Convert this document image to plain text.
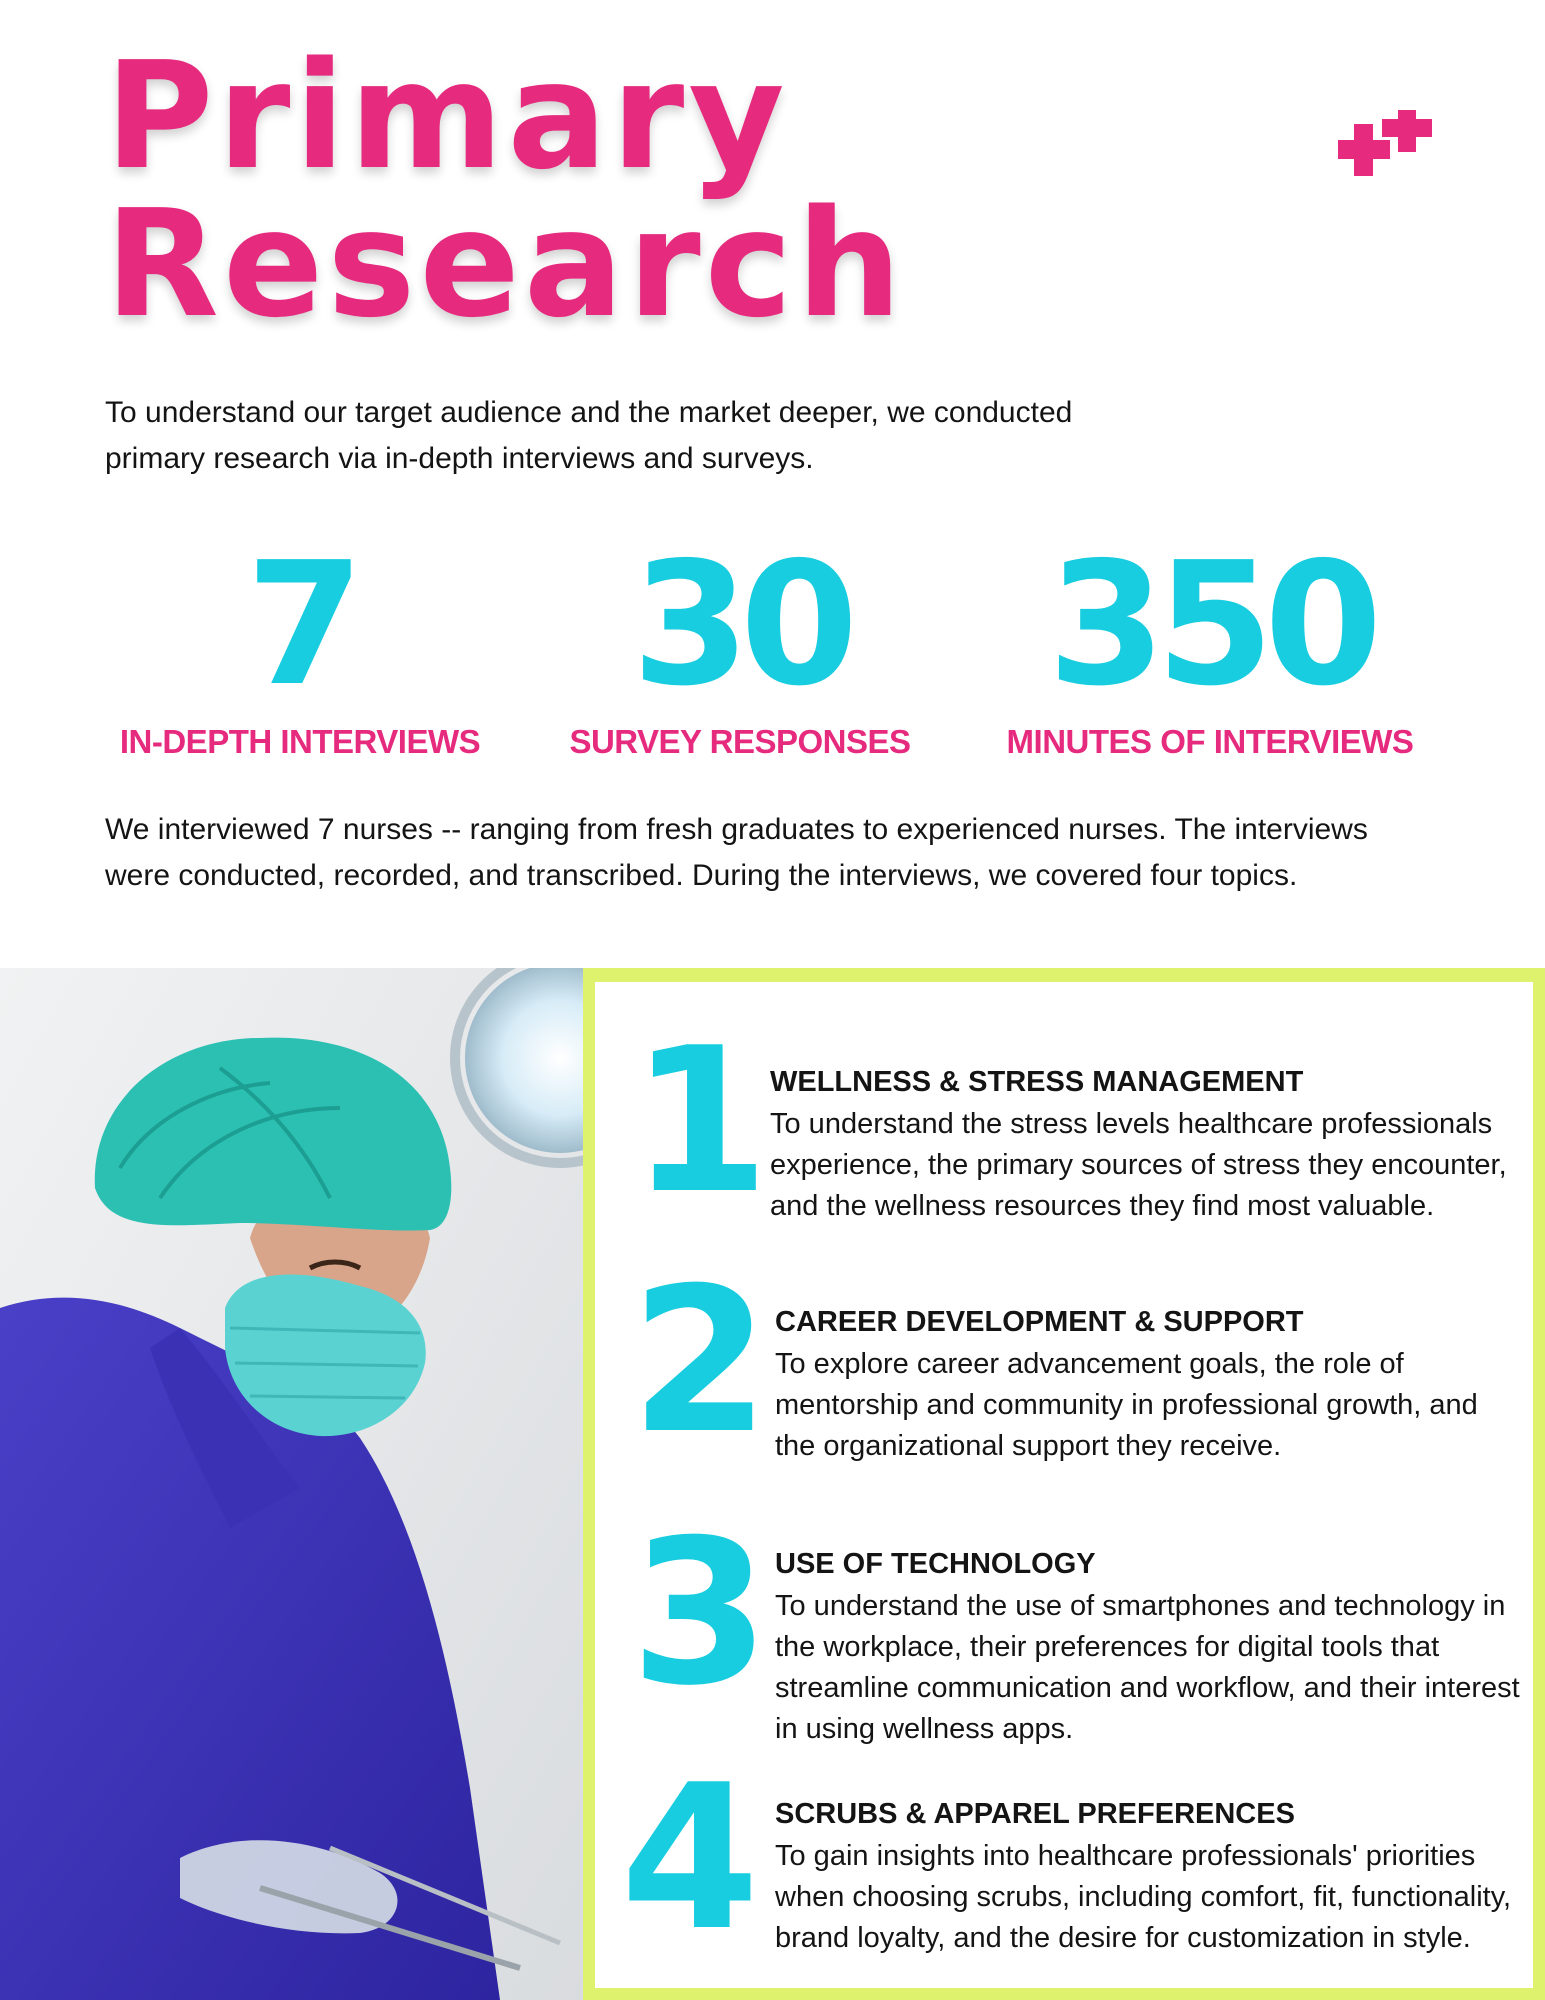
Primary
Research

To understand our target audience and the market deeper, we conducted primary research via in-depth interviews and surveys.

7
IN-DEPTH INTERVIEWS
30
SURVEY RESPONSES
350
MINUTES OF INTERVIEWS

We interviewed 7 nurses -- ranging from fresh graduates to experienced nurses. The interviews were conducted, recorded, and transcribed. During the interviews, we covered four topics.

1 WELLNESS & STRESS MANAGEMENT

To understand the stress levels healthcare professionals experience, the primary sources of stress they encounter, and the wellness resources they find most valuable.

2 CAREER DEVELOPMENT & SUPPORT

To explore career advancement goals, the role of mentorship and community in professional growth, and the organizational support they receive.

3 USE OF TECHNOLOGY

To understand the use of smartphones and technology in the workplace, their preferences for digital tools that streamline communication and workflow, and their interest in using wellness apps.

4 SCRUBS & APPAREL PREFERENCES

To gain insights into healthcare professionals' priorities when choosing scrubs, including comfort, fit, functionality, brand loyalty, and the desire for customization in style.
